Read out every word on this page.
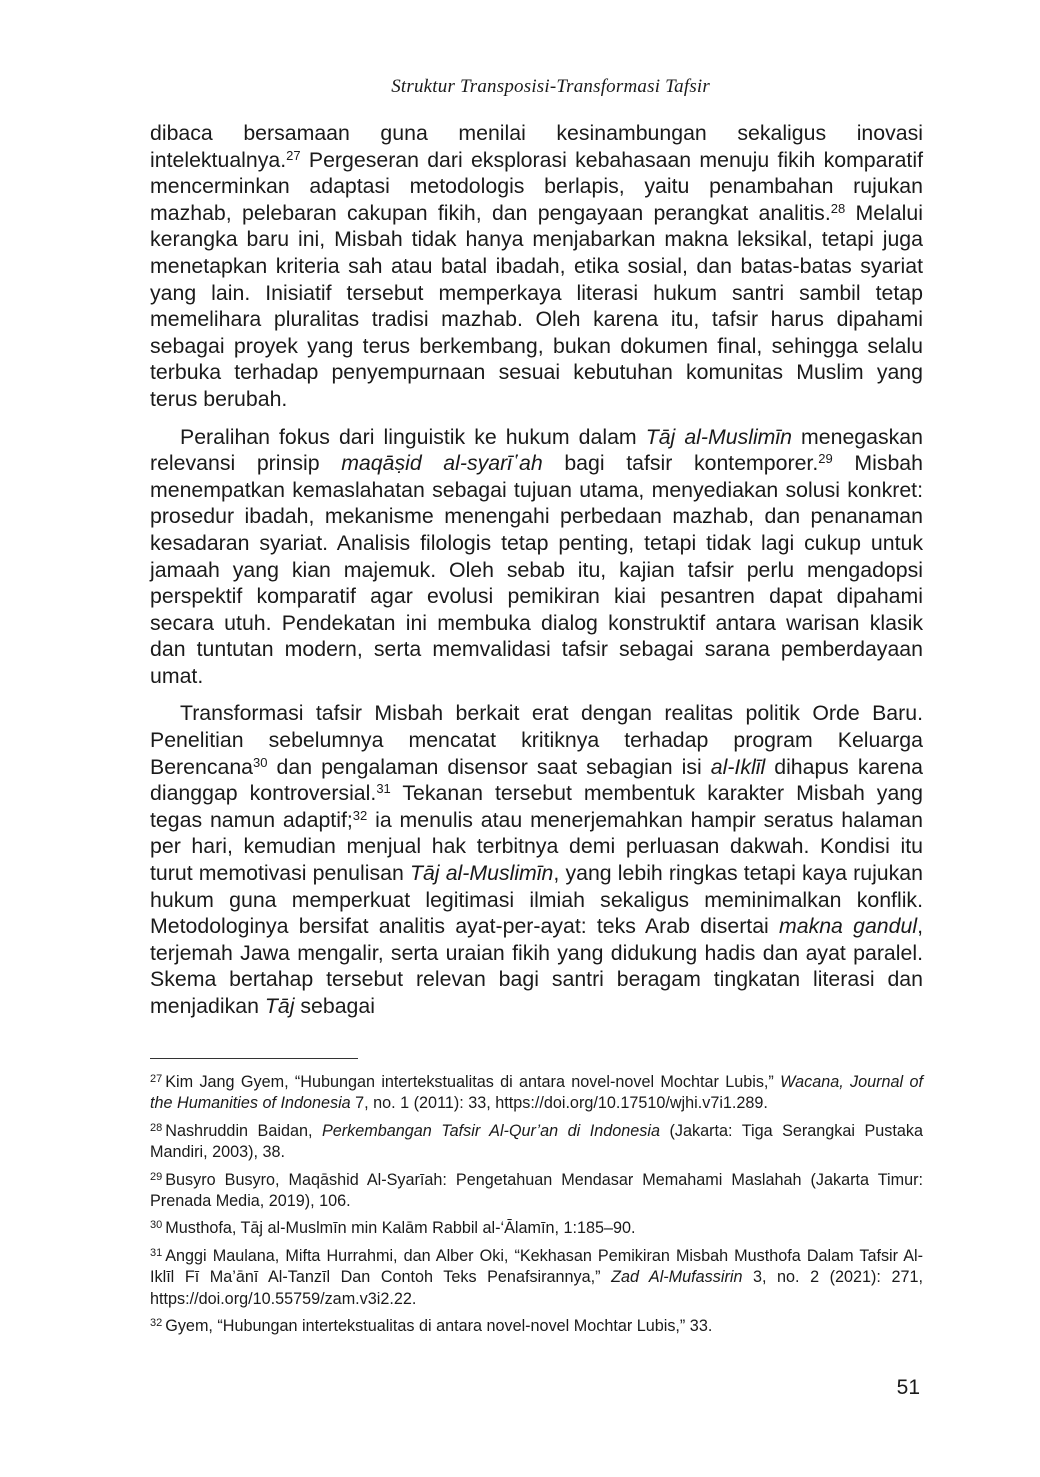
Struktur Transposisi-Transformasi Tafsir

dibaca bersamaan guna menilai kesinambungan sekaligus inovasi intelektualnya.$^{27}$ Pergeseran dari eksplorasi kebahasaan menuju fikih komparatif mencerminkan adaptasi metodologis berlapis, yaitu penambahan rujukan mazhab, pelebaran cakupan fikih, dan pengayaan perangkat analitis.$^{28}$ Melalui kerangka baru ini, Misbah tidak hanya menjabarkan makna leksikal, tetapi juga menetapkan kriteria sah atau batal ibadah, etika sosial, dan batas-batas syariat yang lain. Inisiatif tersebut memperkaya literasi hukum santri sambil tetap memelihara pluralitas tradisi mazhab. Oleh karena itu, tafsir harus dipahami sebagai proyek yang terus berkembang, bukan dokumen final, sehingga selalu terbuka terhadap penyempurnaan sesuai kebutuhan komunitas Muslim yang terus berubah.

Peralihan fokus dari linguistik ke hukum dalam Tāj al-Muslimīn menegaskan relevansi prinsip maqāṣid al-syarī῾ah bagi tafsir kontemporer.$^{29}$ Misbah menempatkan kemaslahatan sebagai tujuan utama, menyediakan solusi konkret: prosedur ibadah, mekanisme menengahi perbedaan mazhab, dan penanaman kesadaran syariat. Analisis filologis tetap penting, tetapi tidak lagi cukup untuk jamaah yang kian majemuk. Oleh sebab itu, kajian tafsir perlu mengadopsi perspektif komparatif agar evolusi pemikiran kiai pesantren dapat dipahami secara utuh. Pendekatan ini membuka dialog konstruktif antara warisan klasik dan tuntutan modern, serta memvalidasi tafsir sebagai sarana pemberdayaan umat.

Transformasi tafsir Misbah berkait erat dengan realitas politik Orde Baru. Penelitian sebelumnya mencatat kritiknya terhadap program Keluarga Berencana$^{30}$ dan pengalaman disensor saat sebagian isi al-Iklīl dihapus karena dianggap kontroversial.$^{31}$ Tekanan tersebut membentuk karakter Misbah yang tegas namun adaptif;$^{32}$ ia menulis atau menerjemahkan hampir seratus halaman per hari, kemudian menjual hak terbitnya demi perluasan dakwah. Kondisi itu turut memotivasi penulisan Tāj al-Muslimīn, yang lebih ringkas tetapi kaya rujukan hukum guna memperkuat legitimasi ilmiah sekaligus meminimalkan konflik. Metodologinya bersifat analitis ayat-per-ayat: teks Arab disertai makna gandul, terjemah Jawa mengalir, serta uraian fikih yang didukung hadis dan ayat paralel. Skema bertahap tersebut relevan bagi santri beragam tingkatan literasi dan menjadikan Tāj sebagai

$^{27}$ Kim Jang Gyem, “Hubungan intertekstualitas di antara novel-novel Mochtar Lubis,” Wacana, Journal of the Humanities of Indonesia 7, no. 1 (2011): 33, https://doi.org/10.17510/wjhi.v7i1.289.
$^{28}$ Nashruddin Baidan, Perkembangan Tafsir Al-Qur’an di Indonesia (Jakarta: Tiga Serangkai Pustaka Mandiri, 2003), 38.
$^{29}$ Busyro Busyro, Maqāshid Al-Syarīah: Pengetahuan Mendasar Memahami Maslahah (Jakarta Timur: Prenada Media, 2019), 106.
$^{30}$ Musthofa, Tāj al-Muslmīn min Kalām Rabbil al-‘Ālamīn, 1:185–90.
$^{31}$ Anggi Maulana, Mifta Hurrahmi, dan Alber Oki, “Kekhasan Pemikiran Misbah Musthofa Dalam Tafsir Al-Iklīl Fī Ma’ānī Al-Tanzīl Dan Contoh Teks Penafsirannya,” Zad Al-Mufassirin 3, no. 2 (2021): 271, https://doi.org/10.55759/zam.v3i2.22.
$^{32}$ Gyem, “Hubungan intertekstualitas di antara novel-novel Mochtar Lubis,” 33.
51
